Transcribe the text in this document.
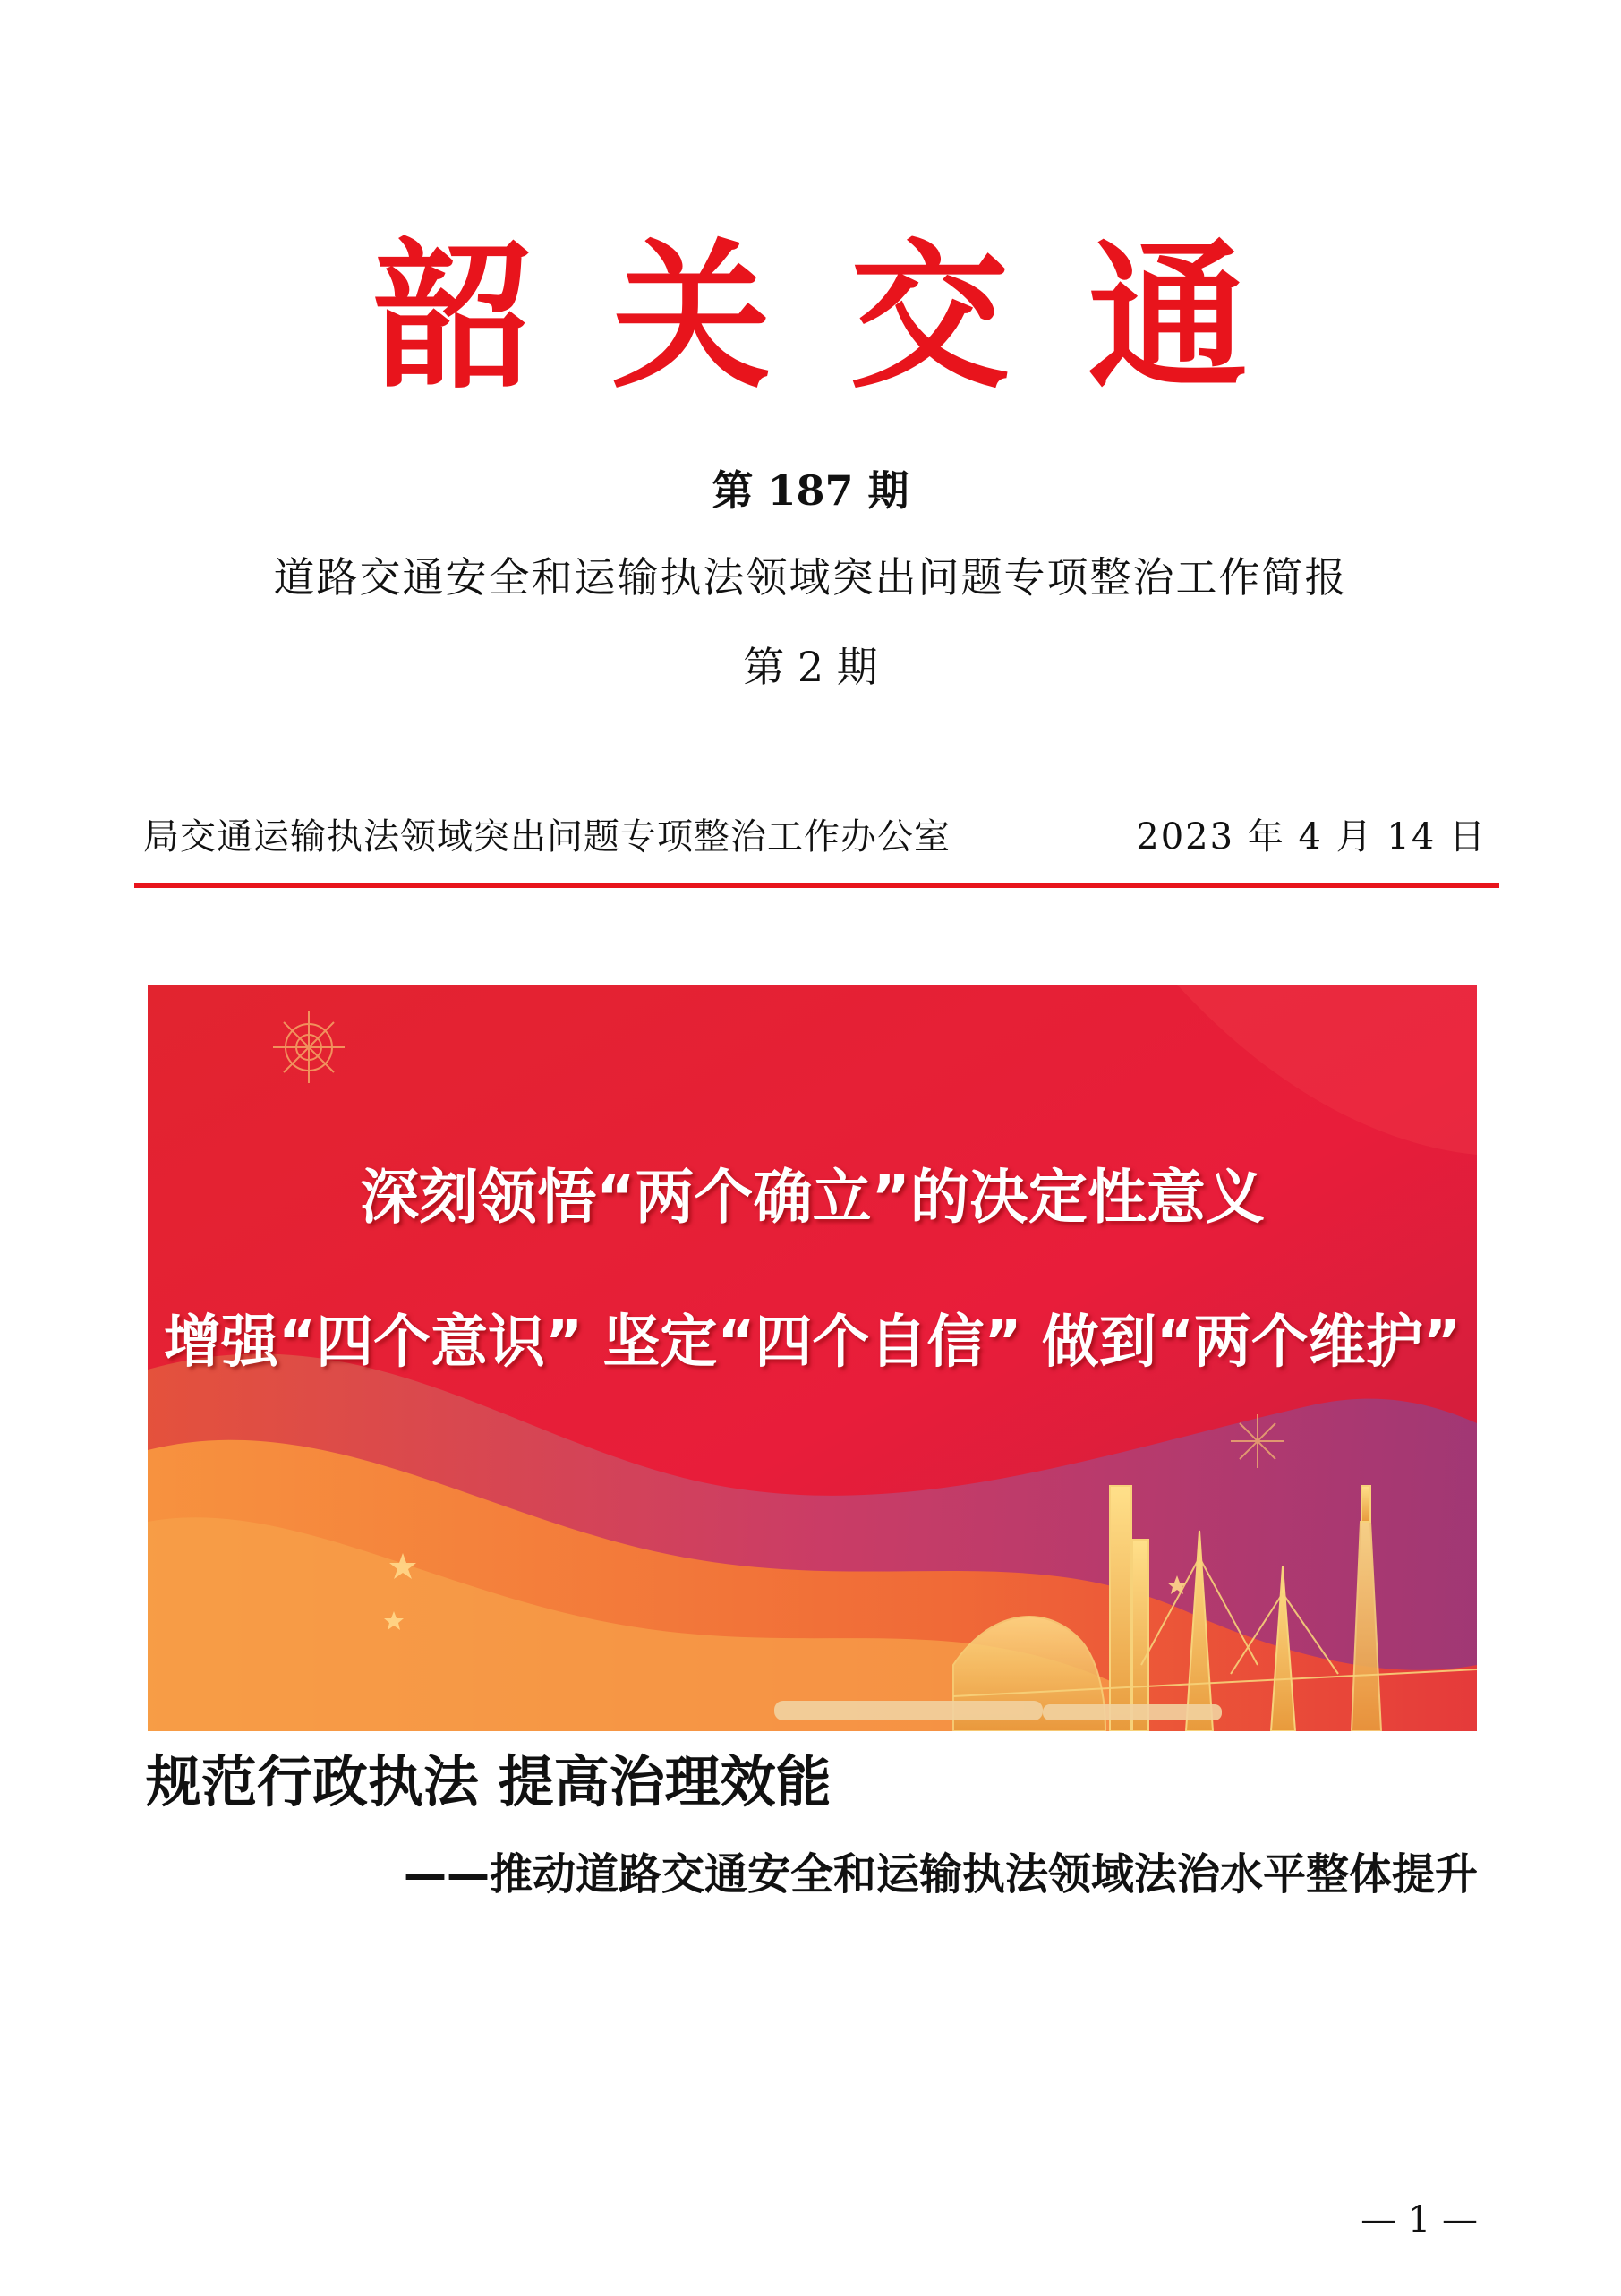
韶关交通
第 187 期
道路交通安全和运输执法领域突出问题专项整治工作简报
第 2 期
局交通运输执法领域突出问题专项整治工作办公室	2023 年 4 月 14 日
深刻领悟“两个确立”的决定性意义
增强“四个意识” 坚定“四个自信” 做到“两个维护”
规范行政执法 提高治理效能
——推动道路交通安全和运输执法领域法治水平整体提升
— 1 —
